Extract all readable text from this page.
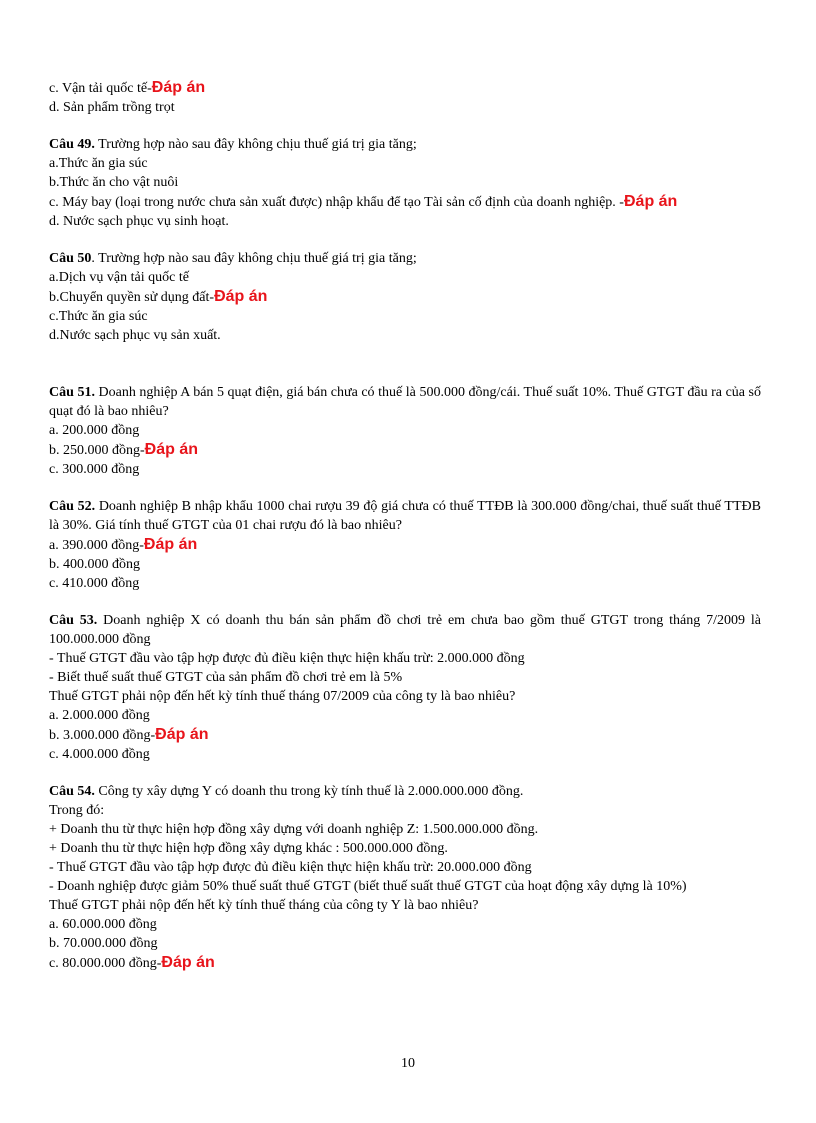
c. Vận tải quốc tế-Đáp án
d. Sản phẩm trồng trọt
Câu 49. Trường hợp nào sau đây không chịu thuế giá trị gia tăng;
a.Thức ăn gia súc
b.Thức ăn cho vật nuôi
c. Máy bay (loại trong nước chưa sản xuất được) nhập khẩu để tạo Tài sản cố định của doanh nghiệp. -Đáp án
d. Nước sạch phục vụ sinh hoạt.
Câu 50. Trường hợp nào sau đây không chịu thuế giá trị gia tăng;
a.Dịch vụ vận tải quốc tế
b.Chuyển quyền sử dụng đất-Đáp án
c.Thức ăn gia súc
d.Nước sạch phục vụ sản xuất.
Câu 51. Doanh nghiệp A bán 5 quạt điện, giá bán chưa có thuế là 500.000 đồng/cái. Thuế suất 10%. Thuế GTGT đầu ra của số quạt đó là bao nhiêu?
a. 200.000 đồng
b. 250.000 đồng-Đáp án
c. 300.000 đồng
Câu 52. Doanh nghiệp B nhập khẩu 1000 chai rượu 39 độ giá chưa có thuế TTĐB là 300.000 đồng/chai, thuế suất thuế TTĐB là 30%. Giá tính thuế GTGT của 01 chai rượu đó là bao nhiêu?
a. 390.000 đồng-Đáp án
b. 400.000 đồng
c. 410.000 đồng
Câu 53. Doanh nghiệp X có doanh thu bán sản phẩm đồ chơi trẻ em chưa bao gồm thuế GTGT trong tháng 7/2009 là 100.000.000 đồng
- Thuế GTGT đầu vào tập hợp được đủ điều kiện thực hiện khấu trừ: 2.000.000 đồng
- Biết thuế suất thuế GTGT của sản phẩm đồ chơi trẻ em là 5%
Thuế GTGT phải nộp đến hết kỳ tính thuế tháng 07/2009 của công ty là bao nhiêu?
a. 2.000.000 đồng
b. 3.000.000 đồng-Đáp án
c. 4.000.000 đồng
Câu 54. Công ty xây dựng Y có doanh thu trong kỳ tính thuế là 2.000.000.000 đồng.
Trong đó:
+ Doanh thu từ thực hiện hợp đồng xây dựng với doanh nghiệp Z: 1.500.000.000 đồng.
+ Doanh thu từ thực hiện hợp đồng xây dựng khác : 500.000.000 đồng.
- Thuế GTGT đầu vào tập hợp được đủ điều kiện thực hiện khấu trừ: 20.000.000 đồng
- Doanh nghiệp được giảm 50% thuế suất thuế GTGT (biết thuế suất thuế GTGT của hoạt động xây dựng là 10%)
Thuế GTGT phải nộp đến hết kỳ tính thuế tháng của công ty Y là bao nhiêu?
a. 60.000.000 đồng
b. 70.000.000 đồng
c. 80.000.000 đồng-Đáp án
10
